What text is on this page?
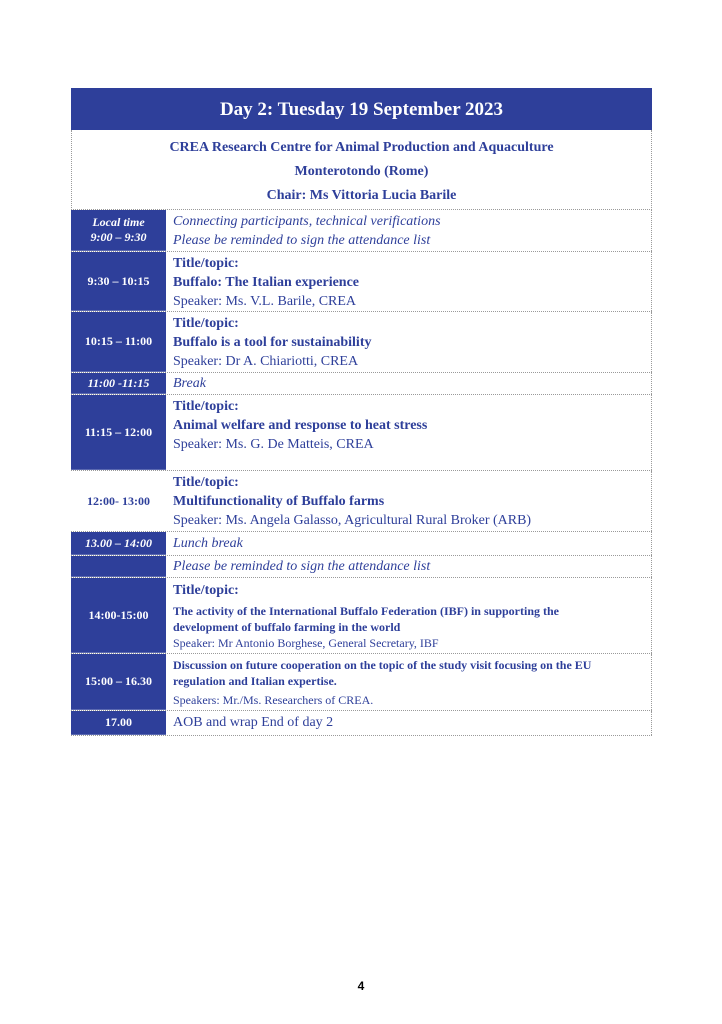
Day 2: Tuesday 19 September 2023
CREA Research Centre for Animal Production and Aquaculture
Monterotondo (Rome)
Chair: Ms Vittoria Lucia Barile
Local time
9:00 – 9:30
Connecting participants, technical verifications
Please be reminded to sign the attendance list
9:30 – 10:15
Title/topic:
Buffalo: The Italian experience
Speaker: Ms. V.L. Barile, CREA
10:15 – 11:00
Title/topic:
Buffalo is a tool for sustainability
Speaker: Dr A. Chiariotti, CREA
11:00 -11:15 Break
11:15 – 12:00
Title/topic:
Animal welfare and response to heat stress
Speaker: Ms. G. De Matteis, CREA
12:00- 13:00
Title/topic:
Multifunctionality of Buffalo farms
Speaker: Ms. Angela Galasso, Agricultural Rural Broker (ARB)
13.00 – 14:00 Lunch break
Please be reminded to sign the attendance list
14:00-15:00
Title/topic:
The activity of the International Buffalo Federation (IBF) in supporting the
development of buffalo farming in the world
Speaker: Mr Antonio Borghese, General Secretary, IBF
15:00 – 16.30
Discussion on future cooperation on the topic of the study visit focusing on the EU
regulation and Italian expertise.
Speakers: Mr./Ms. Researchers of CREA.
17.00	AOB and wrap End of day 2
4
